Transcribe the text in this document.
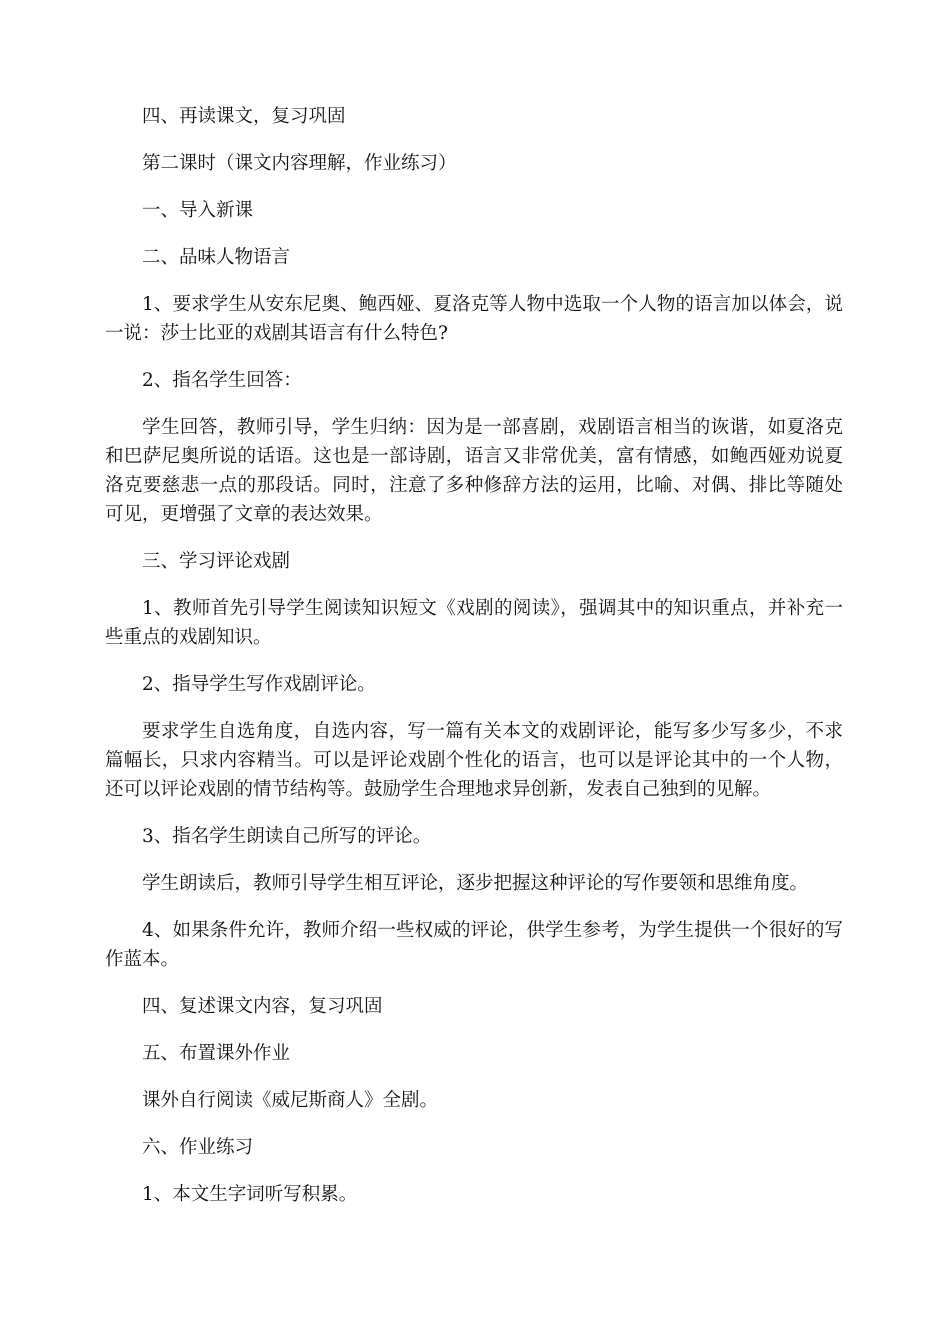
四、再读课文，复习巩固

第二课时（课文内容理解，作业练习）

一、导入新课

二、品味人物语言

1、要求学生从安东尼奥、鲍西娅、夏洛克等人物中选取一个人物的语言加以体会，说一说：莎士比亚的戏剧其语言有什么特色?

2、指名学生回答：

学生回答，教师引导，学生归纳：因为是一部喜剧，戏剧语言相当的诙谐，如夏洛克和巴萨尼奥所说的话语。这也是一部诗剧，语言又非常优美，富有情感，如鲍西娅劝说夏洛克要慈悲一点的那段话。同时，注意了多种修辞方法的运用，比喻、对偶、排比等随处可见，更增强了文章的表达效果。

三、学习评论戏剧

1、教师首先引导学生阅读知识短文《戏剧的阅读》，强调其中的知识重点，并补充一些重点的戏剧知识。

2、指导学生写作戏剧评论。

要求学生自选角度，自选内容，写一篇有关本文的戏剧评论，能写多少写多少，不求篇幅长，只求内容精当。可以是评论戏剧个性化的语言，也可以是评论其中的一个人物，还可以评论戏剧的情节结构等。鼓励学生合理地求异创新，发表自己独到的见解。

3、指名学生朗读自己所写的评论。

学生朗读后，教师引导学生相互评论，逐步把握这种评论的写作要领和思维角度。

4、如果条件允许，教师介绍一些权威的评论，供学生参考，为学生提供一个很好的写作蓝本。

四、复述课文内容，复习巩固

五、布置课外作业

课外自行阅读《威尼斯商人》全剧。

六、作业练习

1、本文生字词听写积累。
